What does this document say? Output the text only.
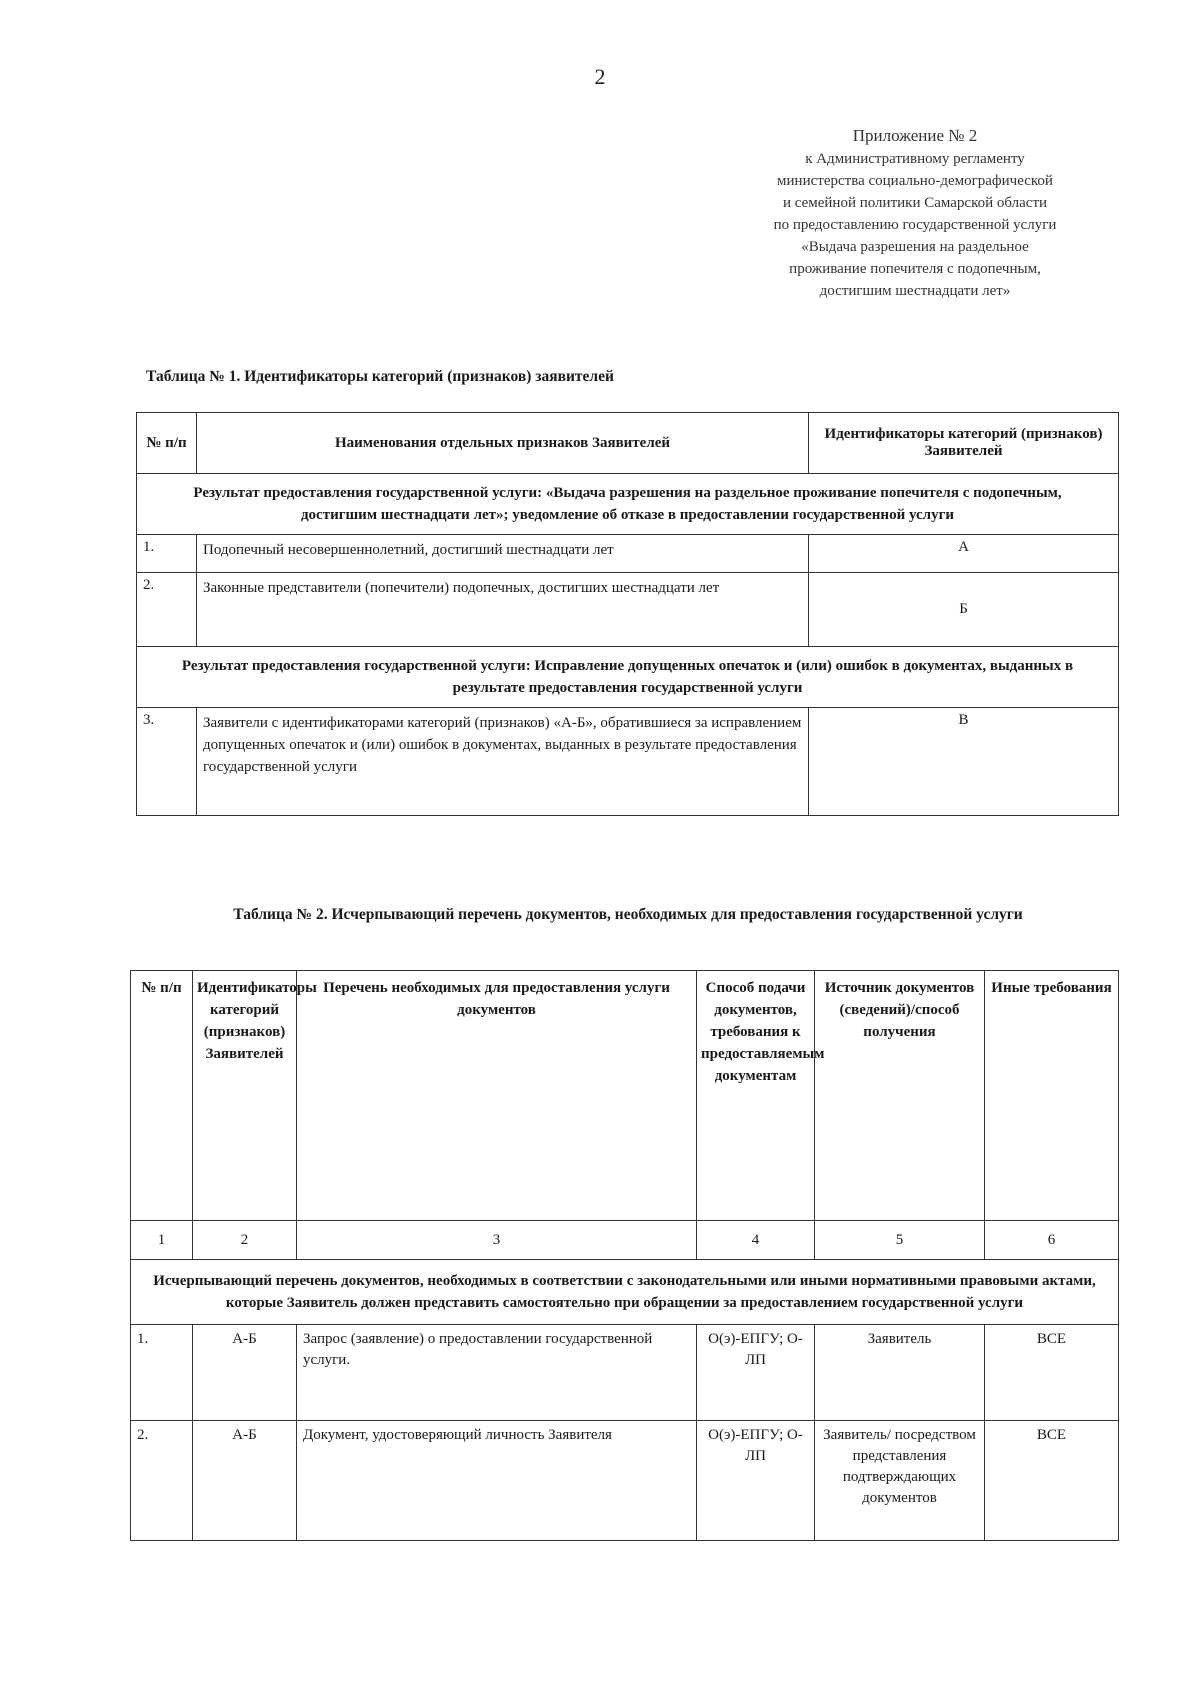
2
Приложение № 2
к Административному регламенту
министерства социально-демографической
и семейной политики Самарской области
по предоставлению государственной услуги
«Выдача разрешения на раздельное
проживание попечителя с подопечным,
достигшим шестнадцати лет»
Таблица № 1. Идентификаторы категорий (признаков) заявителей
№ п/п	Наименования отдельных признаков Заявителей	Идентификаторы категорий (признаков) Заявителей
Результат предоставления государственной услуги: «Выдача разрешения на раздельное проживание попечителя с подопечным, достигшим шестнадцати лет»; уведомление об отказе в предоставлении государственной услуги		
1.	Подопечный несовершеннолетний, достигший шестнадцати лет	А
2.	Законные представители (попечители) подопечных, достигших шестнадцати лет	Б
Результат предоставления государственной услуги: Исправление допущенных опечаток и (или) ошибок в документах, выданных в результате предоставления государственной услуги		
3.	Заявители с идентификаторами категорий (признаков) «А-Б», обратившиеся за исправлением допущенных опечаток и (или) ошибок в документах, выданных в результате предоставления государственной услуги	В
Таблица № 2. Исчерпывающий перечень документов, необходимых для предоставления государственной услуги
№ п/п	Идентификаторы категорий (признаков) Заявителей	Перечень необходимых для предоставления услуги документов	Способ подачи документов, требования к предоставляемым документам	Источник документов (сведений)/способ получения	Иные требования
1	2	3	4	5	6
Исчерпывающий перечень документов, необходимых в соответствии с законодательными или иными нормативными правовыми актами, которые Заявитель должен представить самостоятельно при обращении за предоставлением государственной услуги					
1.	А-Б	Запрос (заявление) о предоставлении государственной услуги.	О(э)-ЕПГУ; О-ЛП	Заявитель	ВСЕ
2.	А-Б	Документ, удостоверяющий личность Заявителя	О(э)-ЕПГУ; О-ЛП	Заявитель/ посредством представления подтверждающих документов	ВСЕ
